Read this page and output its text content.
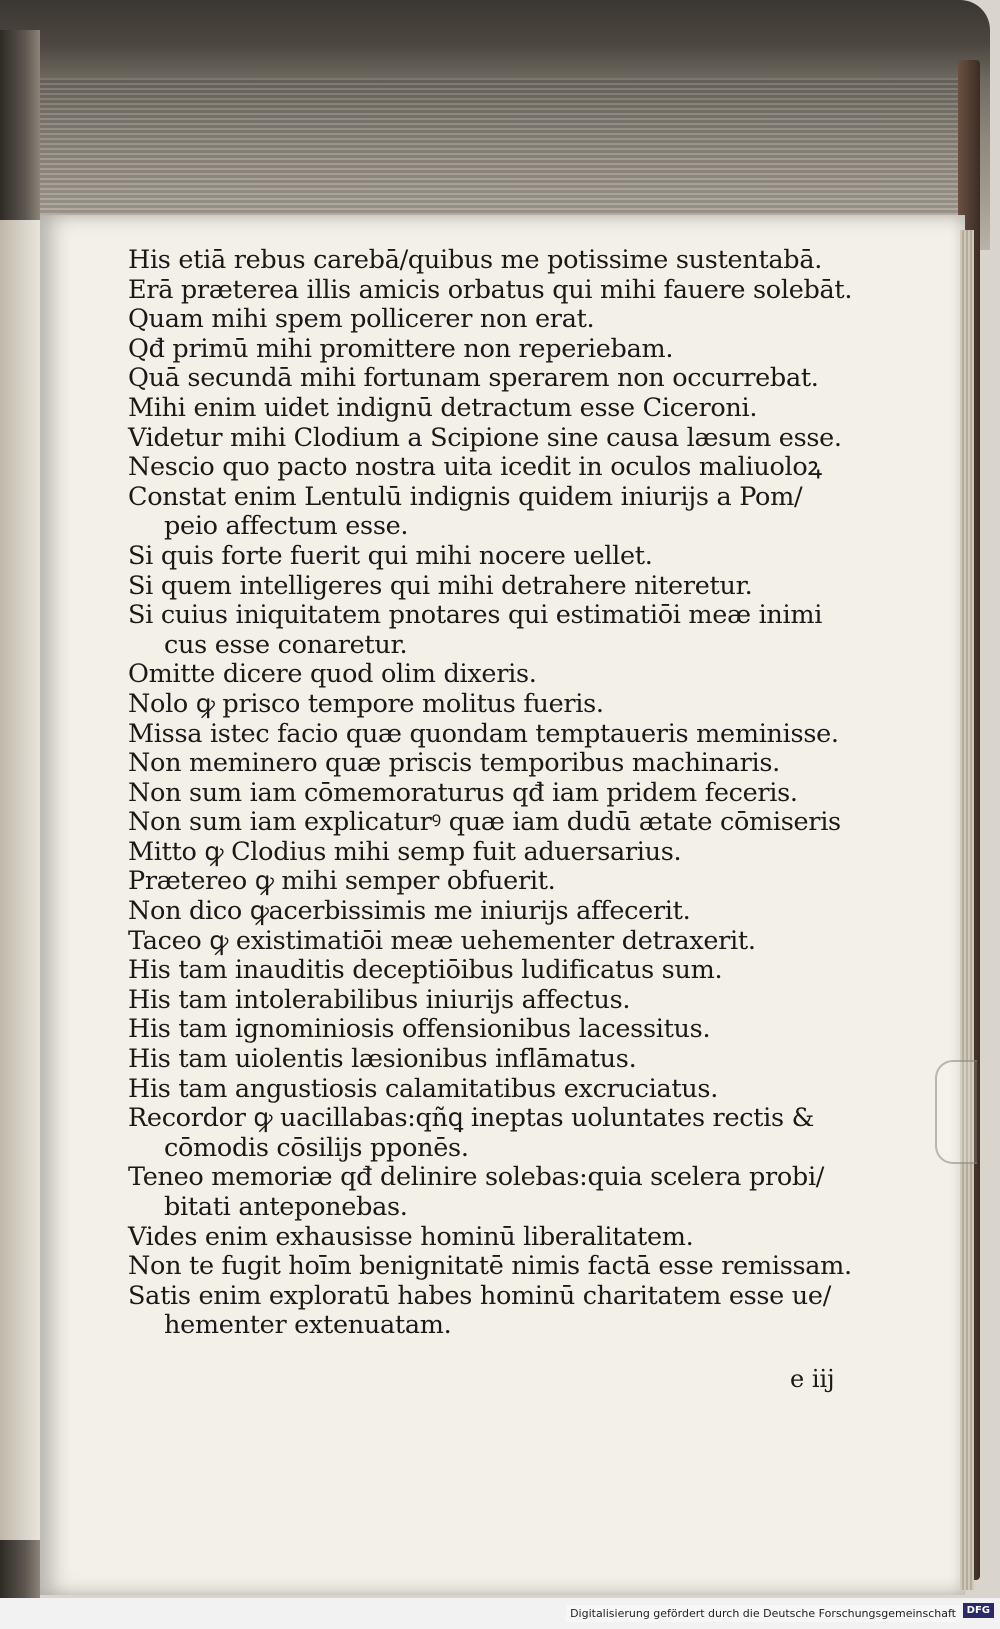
His etiā rebus carebā/quibus me potissime sustentabā.
Erā præterea illis amicis orbatus qui mihi fauere solebāt.
Quam mihi spem pollicerer non erat.
Qđ primū mihi promittere non reperiebam.
Quā secundā mihi fortunam sperarem non occurrebat.
Mihi enim uidet indignū detractum esse Ciceroni.
Videtur mihi Clodium a Scipione sine causa læsum esse.
Nescio quo pacto nostra uita icedit in oculos maliuoloꝝ
Constat enim Lentulū indignis quidem iniurijs a Pom/
peio affectum esse.
Si quis forte fuerit qui mihi nocere uellet.
Si quem intelligeres qui mihi detrahere niteretur.
Si cuius iniquitatem pnotares qui estimatiōi meæ inimi
cus esse conaretur.
Omitte dicere quod olim dixeris.
Nolo ꝙ prisco tempore molitus fueris.
Missa istec facio quæ quondam temptaueris meminisse.
Non meminero quæ priscis temporibus machinaris.
Non sum iam cōmemoraturus qđ iam pridem feceris.
Non sum iam explicaturꝰ quæ iam dudū ætate cōmiseris
Mitto ꝙ Clodius mihi semp fuit aduersarius.
Prætereo ꝙ mihi semper obfuerit.
Non dico ꝙacerbissimis me iniurijs affecerit.
Taceo ꝙ existimatiōi meæ uehementer detraxerit.
His tam inauditis deceptiōibus ludificatus sum.
His tam intolerabilibus iniurijs affectus.
His tam ignominiosis offensionibus lacessitus.
His tam uiolentis læsionibus inflāmatus.
His tam angustiosis calamitatibus excruciatus.
Recordor ꝙ uacillabas:qñꝗ ineptas uoluntates rectis &
cōmodis cōsilijs pponēs.
Teneo memoriæ qđ delinire solebas:quia scelera probi/
bitati anteponebas.
Vides enim exhausisse hominū liberalitatem.
Non te fugit hoīm benignitatē nimis factā esse remissam.
Satis enim exploratū habes hominū charitatem esse ue/
hementer extenuatam.
e iij
Digitalisierung gefördert durch die Deutsche Forschungsgemeinschaft	DFG
